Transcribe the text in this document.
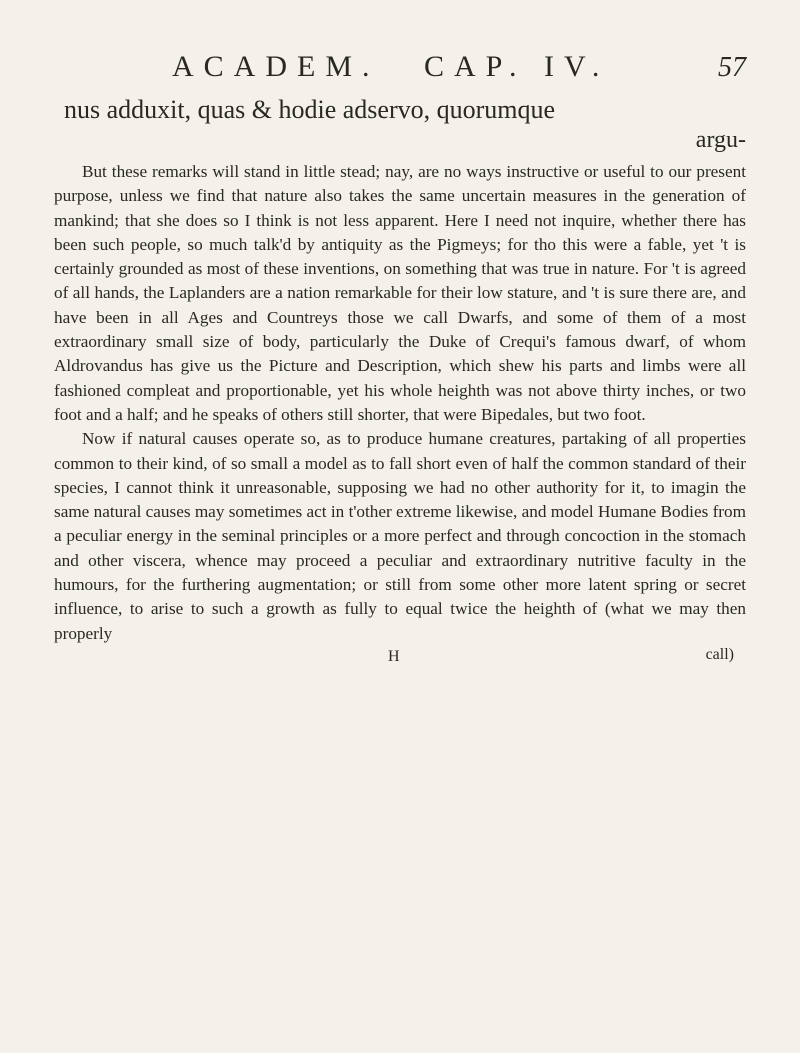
ACADEM. CAP. IV.	57
nus adduxit, quas & hodie adservo, quorumque
argu-

But these remarks will stand in little stead; nay, are no ways instructive or useful to our present purpose, unless we find that nature also takes the same uncertain measures in the generation of mankind; that she does so I think is not less apparent. Here I need not inquire, whether there has been such people, so much talk'd by antiquity as the Pigmeys; for tho this were a fable, yet 't is certainly grounded as most of these inventions, on something that was true in nature. For 't is agreed of all hands, the Laplanders are a nation remarkable for their low stature, and 't is sure there are, and have been in all Ages and Countreys those we call Dwarfs, and some of them of a most extraordinary small size of body, particularly the Duke of Crequi's famous dwarf, of whom Aldrovandus has give us the Picture and Description, which shew his parts and limbs were all fashioned compleat and proportionable, yet his whole heighth was not above thirty inches, or two foot and a half; and he speaks of others still shorter, that were Bipedales, but two foot.

Now if natural causes operate so, as to produce humane creatures, partaking of all properties common to their kind, of so small a model as to fall short even of half the common standard of their species, I cannot think it unreasonable, supposing we had no other authority for it, to imagin the same natural causes may sometimes act in t'other extreme likewise, and model Humane Bodies from a peculiar energy in the seminal principles or a more perfect and through concoction in the stomach and other viscera, whence may proceed a peculiar and extraordinary nutritive faculty in the humours, for the furthering augmentation; or still from some other more latent spring or secret influence, to arise to such a growth as fully to equal twice the heighth of (what we may then properly

H	call)
